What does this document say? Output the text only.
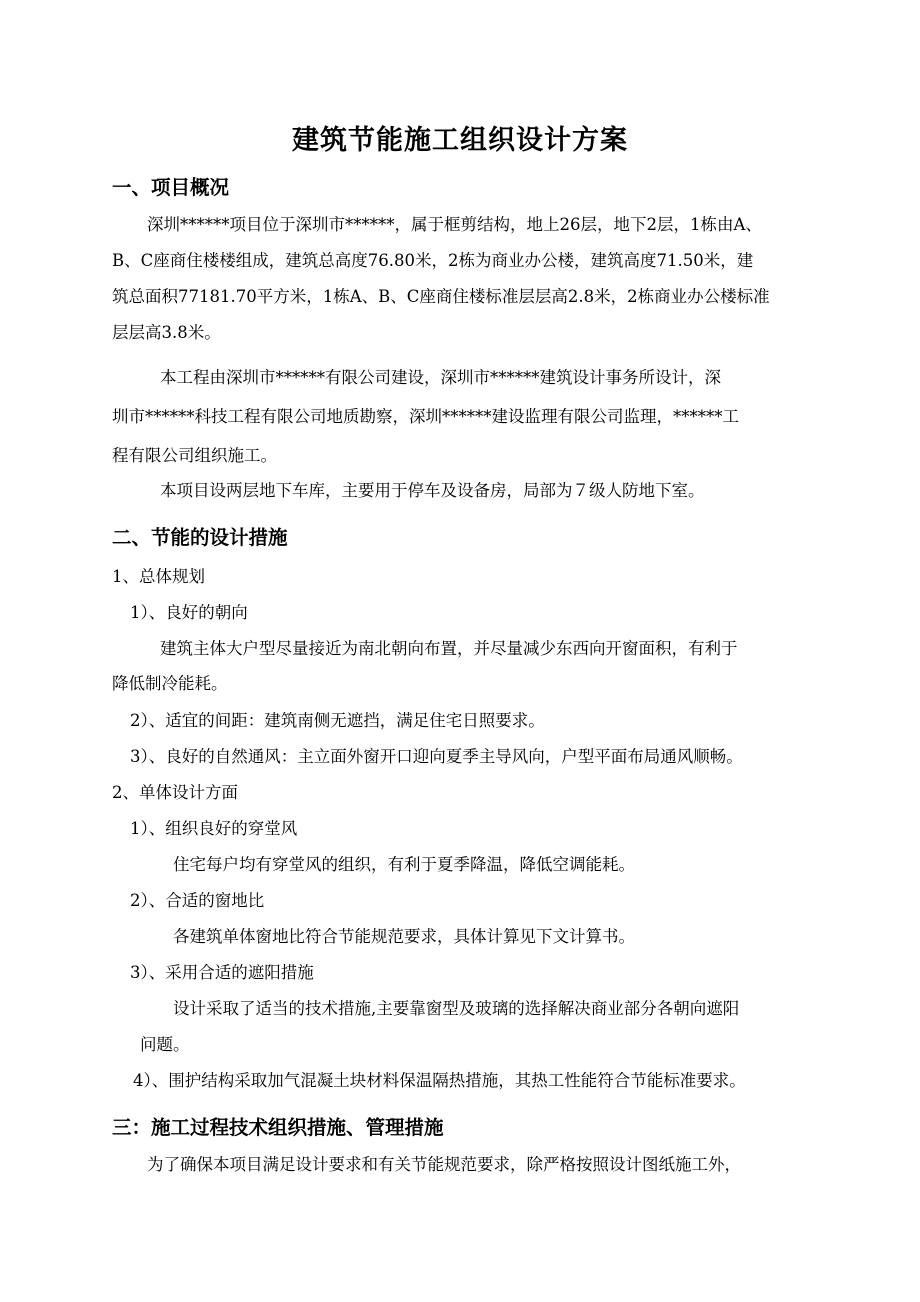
建筑节能施工组织设计方案
一、项目概况
深圳******项目位于深圳市******，属于框剪结构，地上26层，地下2层，1栋由A、
B、C座商住楼楼组成，建筑总高度76.80米，2栋为商业办公楼，建筑高度71.50米，建
筑总面积77181.70平方米，1栋A、B、C座商住楼标准层层高2.8米，2栋商业办公楼标准
层层高3.8米。
本工程由深圳市******有限公司建设，深圳市******建筑设计事务所设计，深
圳市******科技工程有限公司地质勘察，深圳******建设监理有限公司监理，******工
程有限公司组织施工。
本项目设两层地下车库，主要用于停车及设备房，局部为７级人防地下室。
二、节能的设计措施
1、总体规划
1）、良好的朝向
建筑主体大户型尽量接近为南北朝向布置，并尽量减少东西向开窗面积，有利于
降低制冷能耗。
2）、适宜的间距：建筑南侧无遮挡，满足住宅日照要求。
3）、良好的自然通风：主立面外窗开口迎向夏季主导风向，户型平面布局通风顺畅。
2、单体设计方面
1）、组织良好的穿堂风
住宅每户均有穿堂风的组织，有利于夏季降温，降低空调能耗。
2）、合适的窗地比
各建筑单体窗地比符合节能规范要求，具体计算见下文计算书。
3）、采用合适的遮阳措施
设计采取了适当的技术措施,主要靠窗型及玻璃的选择解决商业部分各朝向遮阳
问题。
4）、围护结构采取加气混凝土块材料保温隔热措施，其热工性能符合节能标准要求。
三：施工过程技术组织措施、管理措施
为了确保本项目满足设计要求和有关节能规范要求，除严格按照设计图纸施工外，
